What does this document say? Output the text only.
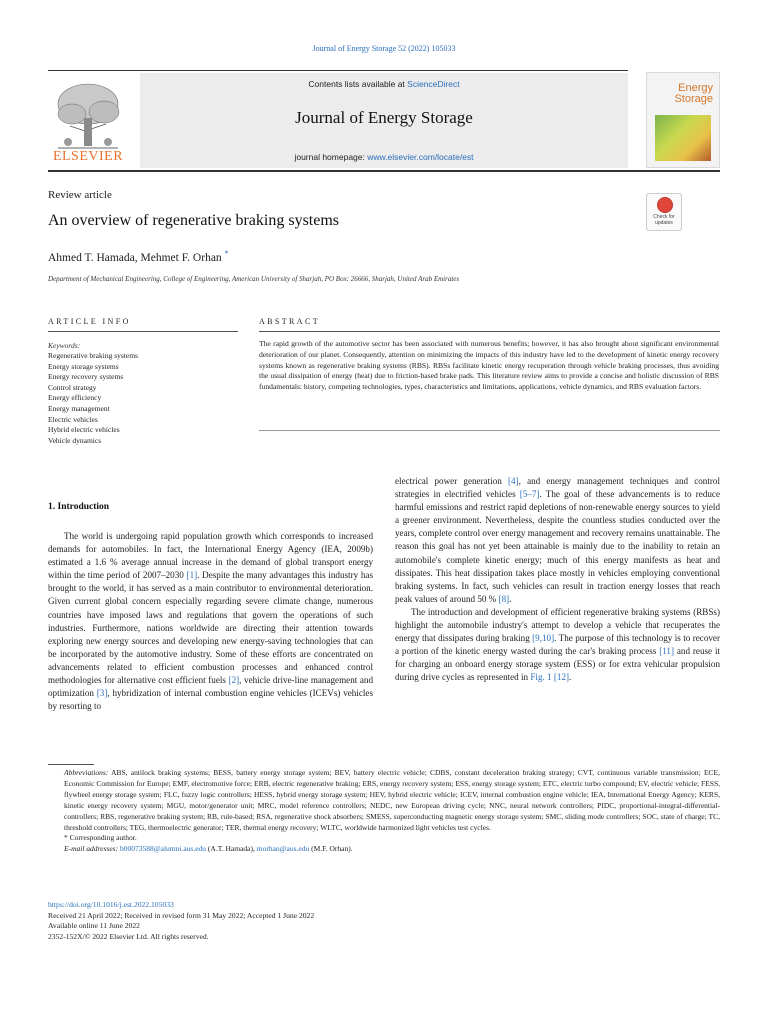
Journal of Energy Storage 52 (2022) 105033
ELSEVIER
Contents lists available at ScienceDirect
Journal of Energy Storage
journal homepage: www.elsevier.com/locate/est
Energy
Storage
Review article
An overview of regenerative braking systems
Ahmed T. Hamada, Mehmet F. Orhan *
Department of Mechanical Engineering, College of Engineering, American University of Sharjah, PO Box: 26666, Sharjah, United Arab Emirates
Check for
updates
ARTICLE INFO
Keywords:
Regenerative braking systems
Energy storage systems
Energy recovery systems
Control strategy
Energy efficiency
Energy management
Electric vehicles
Hybrid electric vehicles
Vehicle dynamics
ABSTRACT
The rapid growth of the automotive sector has been associated with numerous benefits; however, it has also brought about significant environmental deterioration of our planet. Consequently, attention on minimizing the impacts of this industry have led to the development of kinetic energy recovery systems known as regenerative braking systems (RBS). RBSs facilitate kinetic energy recuperation through vehicle braking processes, thus avoiding the usual dissipation of energy (heat) due to friction-based brake pads. This literature review aims to provide a concise and holistic discussion of RBS fundamentals: history, competing technologies, types, characteristics and limitations, applications, vehicle dynamics, and RBS evaluation factors.
1. Introduction

The world is undergoing rapid population growth which corresponds to increased demands for automobiles. In fact, the International Energy Agency (IEA, 2009b) estimated a 1.6 % average annual increase in the demand of global transport energy within the time period of 2007–2030 [1]. Despite the many advantages this industry has brought to the world, it has served as a main contributor to environmental deterioration. Given current global concern especially regarding severe climate change, numerous countries have imposed laws and regulations that govern the operations of such industries. Furthermore, nations worldwide are directing their attention towards exploring new energy sources and developing new energy-saving technologies that can be incorporated by the automotive industry. Some of these efforts are concentrated on advancements related to efficient combustion processes and enhanced control methodologies for alternative cost efficient fuels [2], vehicle drive-line management and optimization [3], hybridization of internal combustion engine vehicles (ICEVs) vehicles by resorting to

electrical power generation [4], and energy management techniques and control strategies in electrified vehicles [5–7]. The goal of these advancements is to reduce harmful emissions and restrict rapid depletions of non-renewable energy sources to yield a greener environment. Nevertheless, despite the countless studies conducted over the years, complete control over energy management and recovery remains unattainable. The reason this goal has not yet been attainable is mainly due to the inability to retain an automobile's complete kinetic energy; much of this energy manifests as heat and dissipates. This heat dissipation takes place mostly in vehicles employing conventional braking systems. In fact, such vehicles can result in traction energy losses that reach peak values of around 50 % [8].

The introduction and development of efficient regenerative braking systems (RBSs) highlight the automobile industry's attempt to develop a vehicle that recuperates the energy that dissipates during braking [9,10]. The purpose of this technology is to recover a portion of the kinetic energy wasted during the car's braking process [11] and reuse it for charging an onboard energy storage system (ESS) or for extra vehicular propulsion during drive cycles as represented in Fig. 1 [12].

Abbreviations: ABS, antilock braking systems; BESS, battery energy storage system; BEV, battery electric vehicle; CDBS, constant deceleration braking strategy; CVT, continuous variable transmission; ECE, Economic Commission for Europe; EMF, electromotive force; ERB, electric regenerative braking; ERS, energy recovery system; ESS, energy storage system; ETC, electric turbo compound; EV, electric vehicle; FESS, flywheel energy storage system; FLC, fuzzy logic controllers; HESS, hybrid energy storage system; HEV, hybrid electric vehicle; ICEV, internal combustion engine vehicle; IEA, International Energy Agency; KERS, kinetic energy recovery system; MGU, motor/generator unit; MRC, model reference controllers; NEDC, new European driving cycle; NNC, neural network controllers; PIDC, proportional-integral-differential-controllers; RBS, regenerative braking system; RB, rule-based; RSA, regenerative shock absorbers; SMESS, superconducting magnetic energy storage system; SMC, sliding mode controllers; SOC, state of charge; TC, threshold controllers; TEG, thermoelectric generator; TER, thermal energy recovery; WLTC, worldwide harmonized light vehicles test cycles.

* Corresponding author.

E-mail addresses: b00073588@alumni.aus.edu (A.T. Hamada), morhan@aus.edu (M.F. Orhan).

https://doi.org/10.1016/j.est.2022.105033
Received 21 April 2022; Received in revised form 31 May 2022; Accepted 1 June 2022
Available online 11 June 2022
2352-152X/© 2022 Elsevier Ltd. All rights reserved.
